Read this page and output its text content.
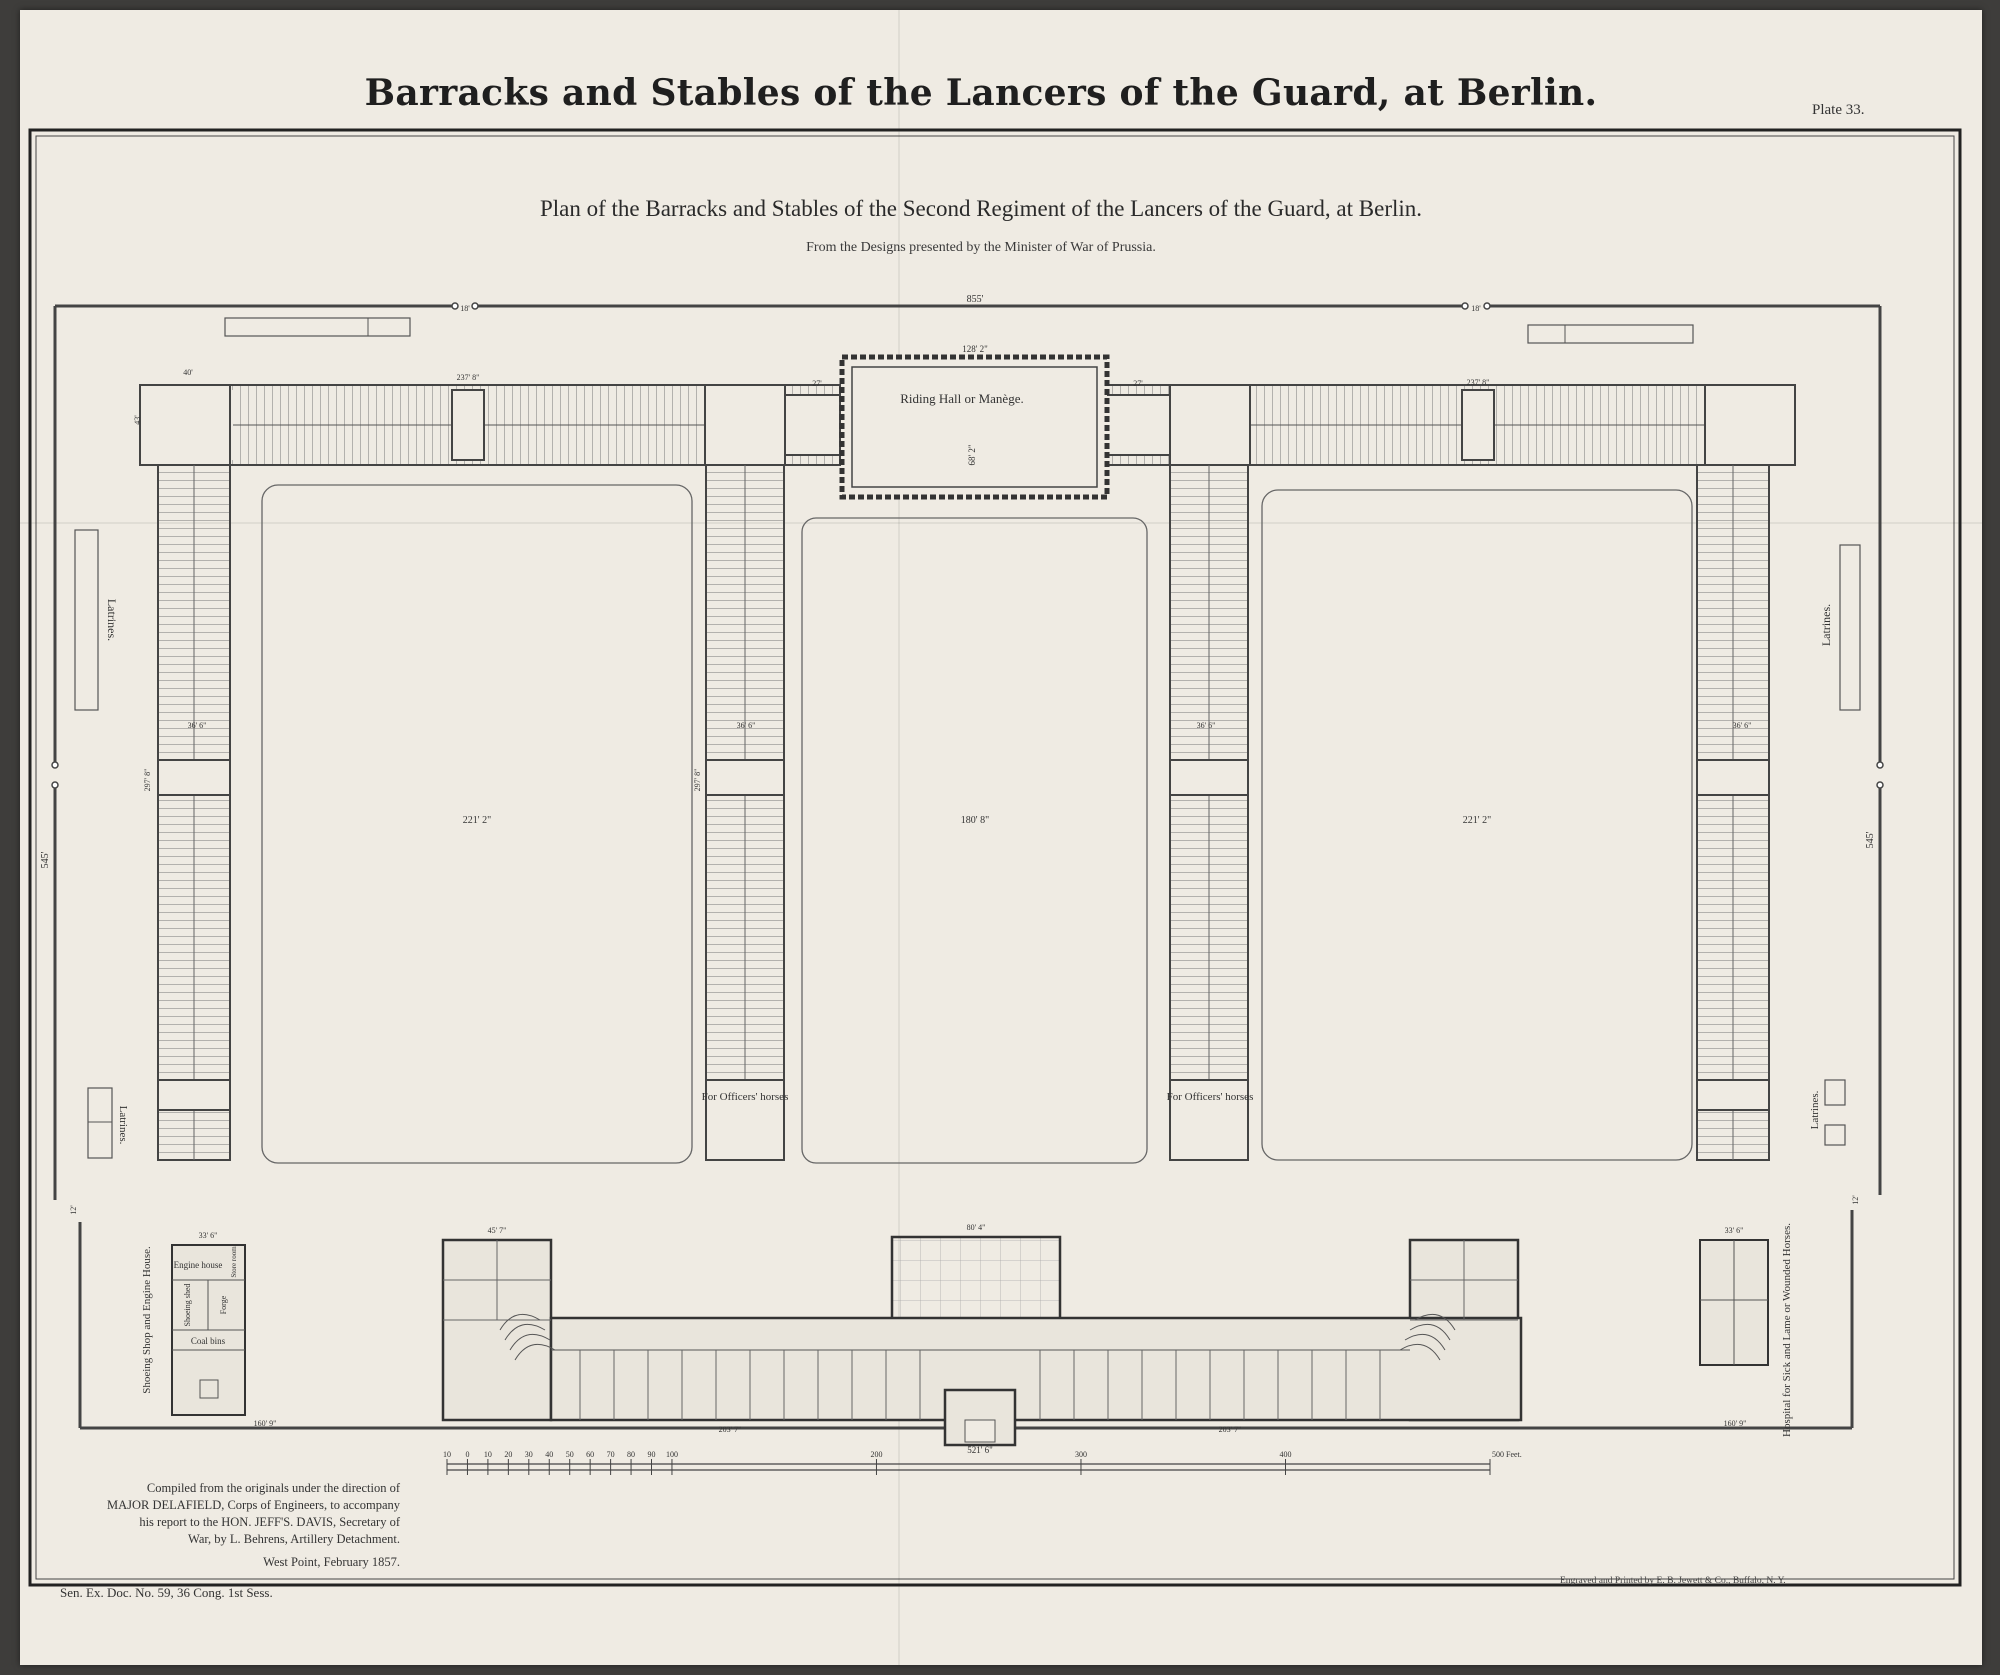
Barracks and Stables of the Lancers of the Guard, at Berlin.	Plate 33.
Plan of the Barracks and Stables of the Second Regiment of the Lancers of the Guard, at Berlin.
From the Designs presented by the Minister of War of Prussia.
10 0 10 20 30 40 50 60 70 80 90 100	200	300	400	500 Feet.
Riding Hall or Manège.
128' 2"
68' 2"
855'
18'	18'
545'
545'
221' 2"	180' 8"	221' 2"
40'
237' 8"
237' 8"
27'	27'
36' 6"	36' 6"	36' 6"	36' 6"
297' 8"	297' 8"
43'
Latrines.	Latrines.
Latrines.	Latrines.
For Officers' horses	For Officers' horses
Shoeing Shop and Engine House. Engine house Store room
Shoeing shed	Forge
Coal bins
33' 6"	Hospital for Sick and Lame or Wounded Horses.
33' 6"
80' 4"
45' 7"
203' 7"	203' 7"
521' 6"
160' 9"	160' 9"
12'
12'

Compiled from the originals under the direction of

MAJOR DELAFIELD, Corps of Engineers, to accompany

his report to the HON. JEFF'S. DAVIS, Secretary of

War, by L. Behrens, Artillery Detachment.

West Point, February 1857.

Sen. Ex. Doc. No. 59, 36 Cong. 1st Sess.
Engraved and Printed by E. B. Jewett & Co., Buffalo, N. Y.
